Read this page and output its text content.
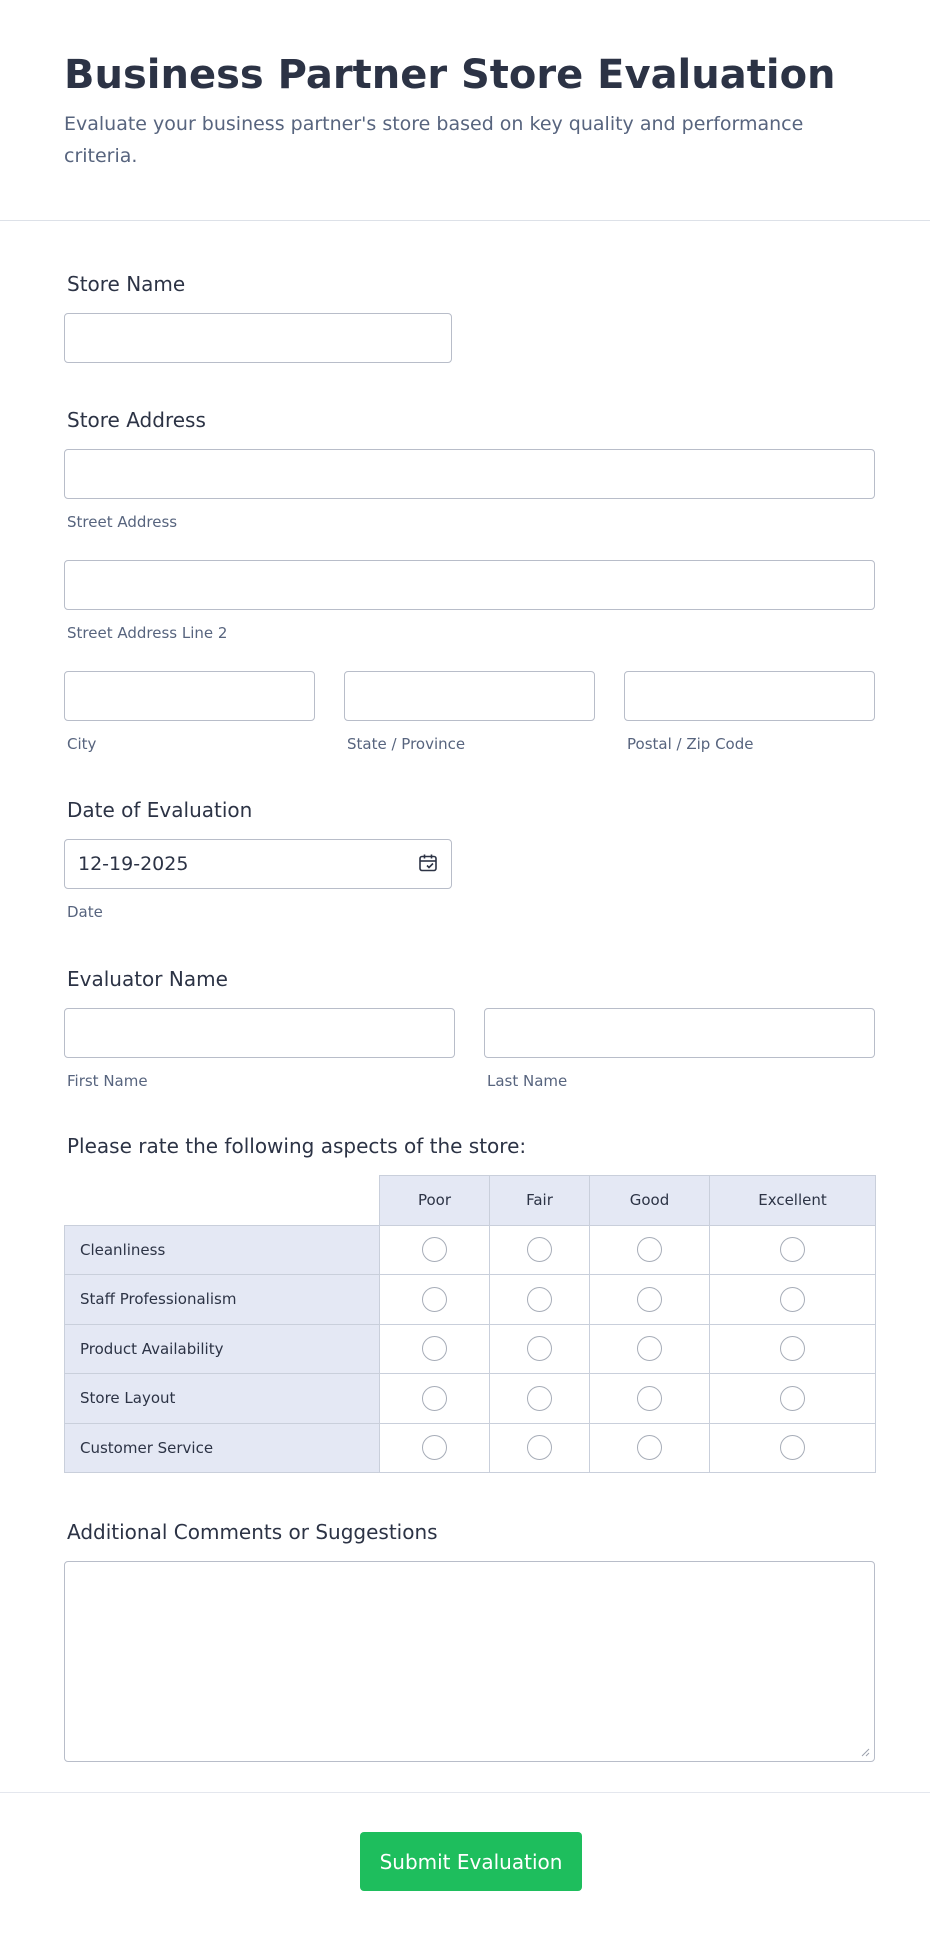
Business Partner Store Evaluation
Evaluate your business partner's store based on key quality and performance criteria.
Store Name
Store Address
Street Address
Street Address Line 2
City	State / Province	Postal / Zip Code
Date of Evaluation
12-19-2025
Date
Evaluator Name
First Name	Last Name
Please rate the following aspects of the store:
	Poor	Fair	Good	Excellent
Cleanliness				
Staff Professionalism				
Product Availability				
Store Layout				
Customer Service				
Additional Comments or Suggestions
Submit Evaluation
